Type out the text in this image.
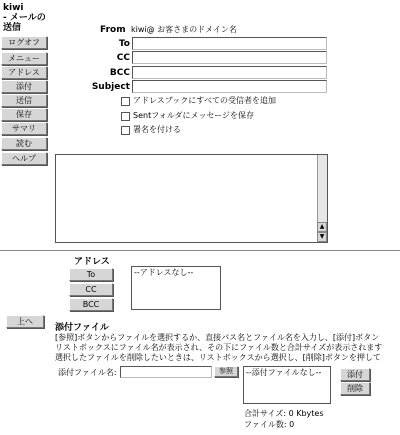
kiwi
- メールの
送信
ログオフ
メニュー
アドレス
添付
送信
保存
サマリ
読む
ヘルプ
From kiwi@ お客さまのドメイン名
To
CC
BCC
Subject
アドレスブックにすべての受信者を追加
Sentフォルダにメッセージを保存
署名を付ける
▲
▼
アドレス
To
CC
BCC
--アドレスなし--
上へ
添付ファイル
[参照]ボタンからファイルを選択するか、直接パス名とファイル名を入力し、[添付]ボタン
リストボックスにファイル名が表示され、その下にファイル数と合計サイズが表示されます
選択したファイルを削除したいときは、リストボックスから選択し、[削除]ボタンを押して
添付ファイル名:	参照	--添付ファイルなし--	添付
削除
合計サイズ: 0 Kbytes
ファイル数: 0
